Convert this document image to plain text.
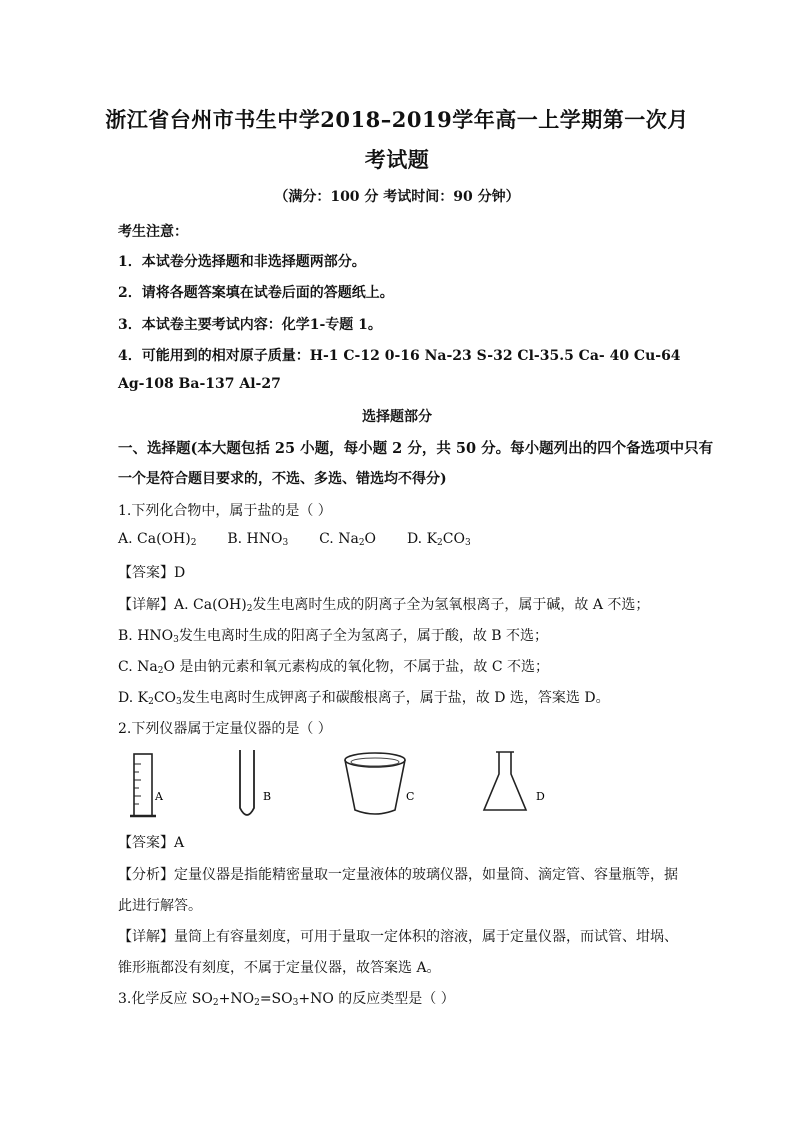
浙江省台州市书生中学2018–2019学年高一上学期第一次月
考试题
（满分：100 分 考试时间：90 分钟）
考生注意：
1．本试卷分选择题和非选择题两部分。
2．请将各题答案填在试卷后面的答题纸上。
3．本试卷主要考试内容：化学1-专题 1。
4．可能用到的相对原子质量：H-1 C-12 0-16 Na-23 S-32 Cl-35.5 Ca- 40 Cu-64
Ag-108 Ba-137 Al-27
选择题部分
一、选择题(本大题包括 25 小题，每小题 2 分，共 50 分。每小题列出的四个备选项中只有
一个是符合题目要求的，不选、多选、错选均不得分)
1.下列化合物中，属于盐的是（ ）
A. $Ca(OH)_2$ B. $HNO_3$ C. $Na_2O$ D. $K_2CO_3$
【答案】D
【详解】A. $Ca(OH)_2$发生电离时生成的阴离子全为氢氧根离子，属于碱，故 A 不选；
B. $HNO_3$发生电离时生成的阳离子全为氢离子，属于酸，故 B 不选；
C. $Na_2O$ 是由钠元素和氧元素构成的氧化物，不属于盐，故 C 不选；
D. $K_2CO_3$发生电离时生成钾离子和碳酸根离子，属于盐，故 D 选，答案选 D。
2.下列仪器属于定量仪器的是（ ）
A	B	C	D
【答案】A
【分析】定量仪器是指能精密量取一定量液体的玻璃仪器，如量筒、滴定管、容量瓶等，据
此进行解答。
【详解】量筒上有容量刻度，可用于量取一定体积的溶液，属于定量仪器，而试管、坩埚、
锥形瓶都没有刻度，不属于定量仪器，故答案选 A。
3.化学反应 $SO_2+NO_2=SO_3+NO$ 的反应类型是（ ）
